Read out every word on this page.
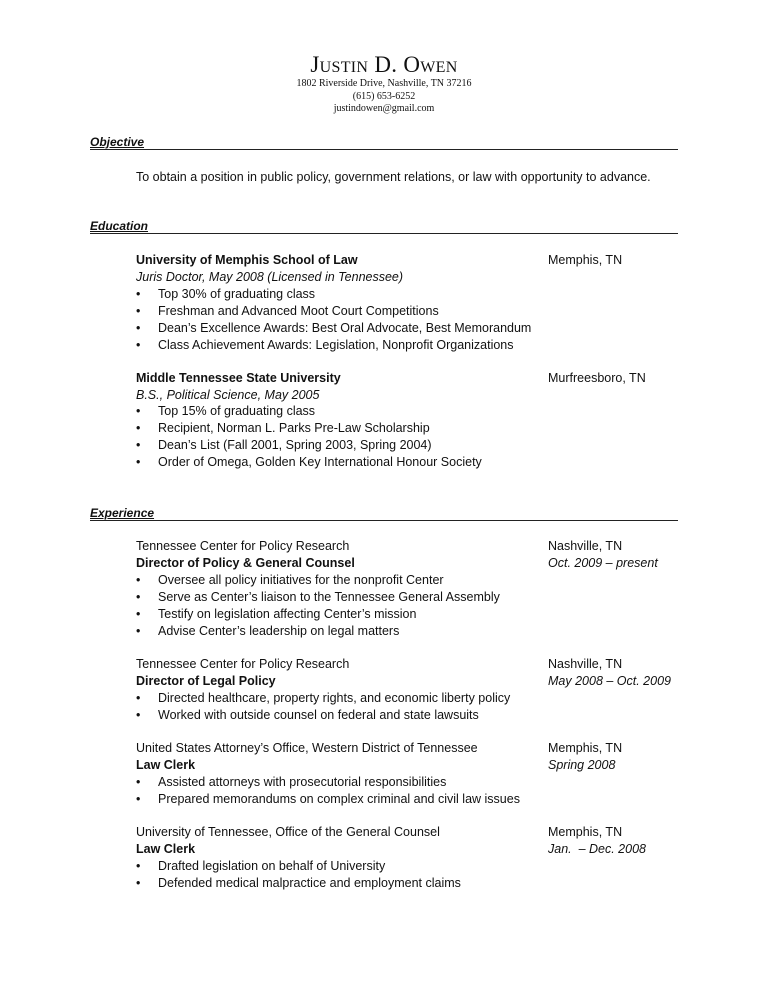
Justin D. Owen
1802 Riverside Drive, Nashville, TN 37216
(615) 653-6252
justindowen@gmail.com
Objective
To obtain a position in public policy, government relations, or law with opportunity to advance.
Education
University of Memphis School of Law	Memphis, TN
Juris Doctor, May 2008 (Licensed in Tennessee)
•	Top 30% of graduating class
•	Freshman and Advanced Moot Court Competitions
•	Dean’s Excellence Awards: Best Oral Advocate, Best Memorandum
•	Class Achievement Awards: Legislation, Nonprofit Organizations
Middle Tennessee State University	Murfreesboro, TN
B.S., Political Science, May 2005
•	Top 15% of graduating class
•	Recipient, Norman L. Parks Pre-Law Scholarship
•	Dean’s List (Fall 2001, Spring 2003, Spring 2004)
•	Order of Omega, Golden Key International Honour Society
Experience
Tennessee Center for Policy Research	Nashville, TN
Director of Policy & General Counsel	Oct. 2009 – present
•	Oversee all policy initiatives for the nonprofit Center
•	Serve as Center’s liaison to the Tennessee General Assembly
•	Testify on legislation affecting Center’s mission
•	Advise Center’s leadership on legal matters
Tennessee Center for Policy Research	Nashville, TN
Director of Legal Policy	May 2008 – Oct. 2009
•	Directed healthcare, property rights, and economic liberty policy
•	Worked with outside counsel on federal and state lawsuits
United States Attorney’s Office, Western District of Tennessee	Memphis, TN
Law Clerk	Spring 2008
•	Assisted attorneys with prosecutorial responsibilities
•	Prepared memorandums on complex criminal and civil law issues
University of Tennessee, Office of the General Counsel	Memphis, TN
Law Clerk	Jan.  – Dec. 2008
•	Drafted legislation on behalf of University
•	Defended medical malpractice and employment claims
